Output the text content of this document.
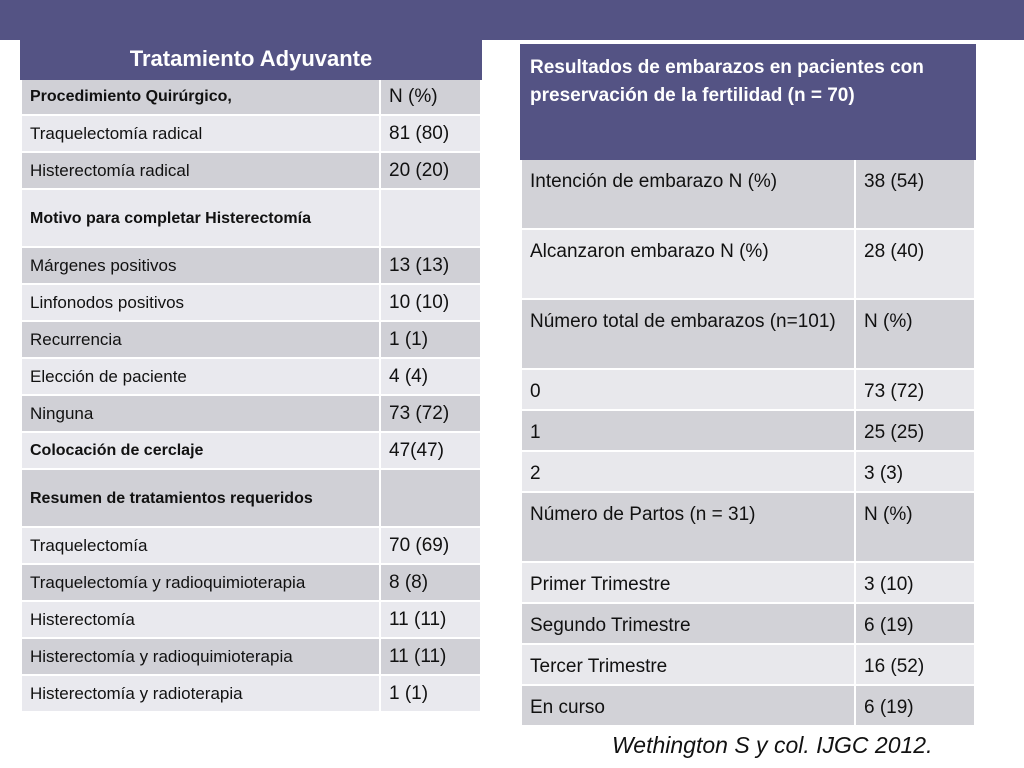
Tratamiento Adyuvante	
Procedimiento Quirúrgico,	N (%)
Traquelectomía radical	81 (80)
Histerectomía radical	20 (20)
Motivo para completar Histerectomía	
Márgenes positivos	13 (13)
Linfonodos positivos	10 (10)
Recurrencia	1 (1)
Elección de paciente	4 (4)
Ninguna	73 (72)
Colocación de cerclaje	47(47)
Resumen de tratamientos requeridos	
Traquelectomía	70 (69)
Traquelectomía y radioquimioterapia	8 (8)
Histerectomía	11 (11)
Histerectomía y radioquimioterapia	11 (11)
Histerectomía y radioterapia	1 (1)
Resultados de embarazos en pacientes con preservación de la fertilidad (n = 70)	
Intención de embarazo N (%)	38 (54)
Alcanzaron embarazo N (%)	28 (40)
Número total de embarazos (n=101)	N (%)
0	73 (72)
1	25 (25)
2	3 (3)
Número de Partos (n = 31)	N (%)
Primer Trimestre	3 (10)
Segundo Trimestre	6 (19)
Tercer Trimestre	16 (52)
En curso	6 (19)
Wethington S y col. IJGC 2012.
